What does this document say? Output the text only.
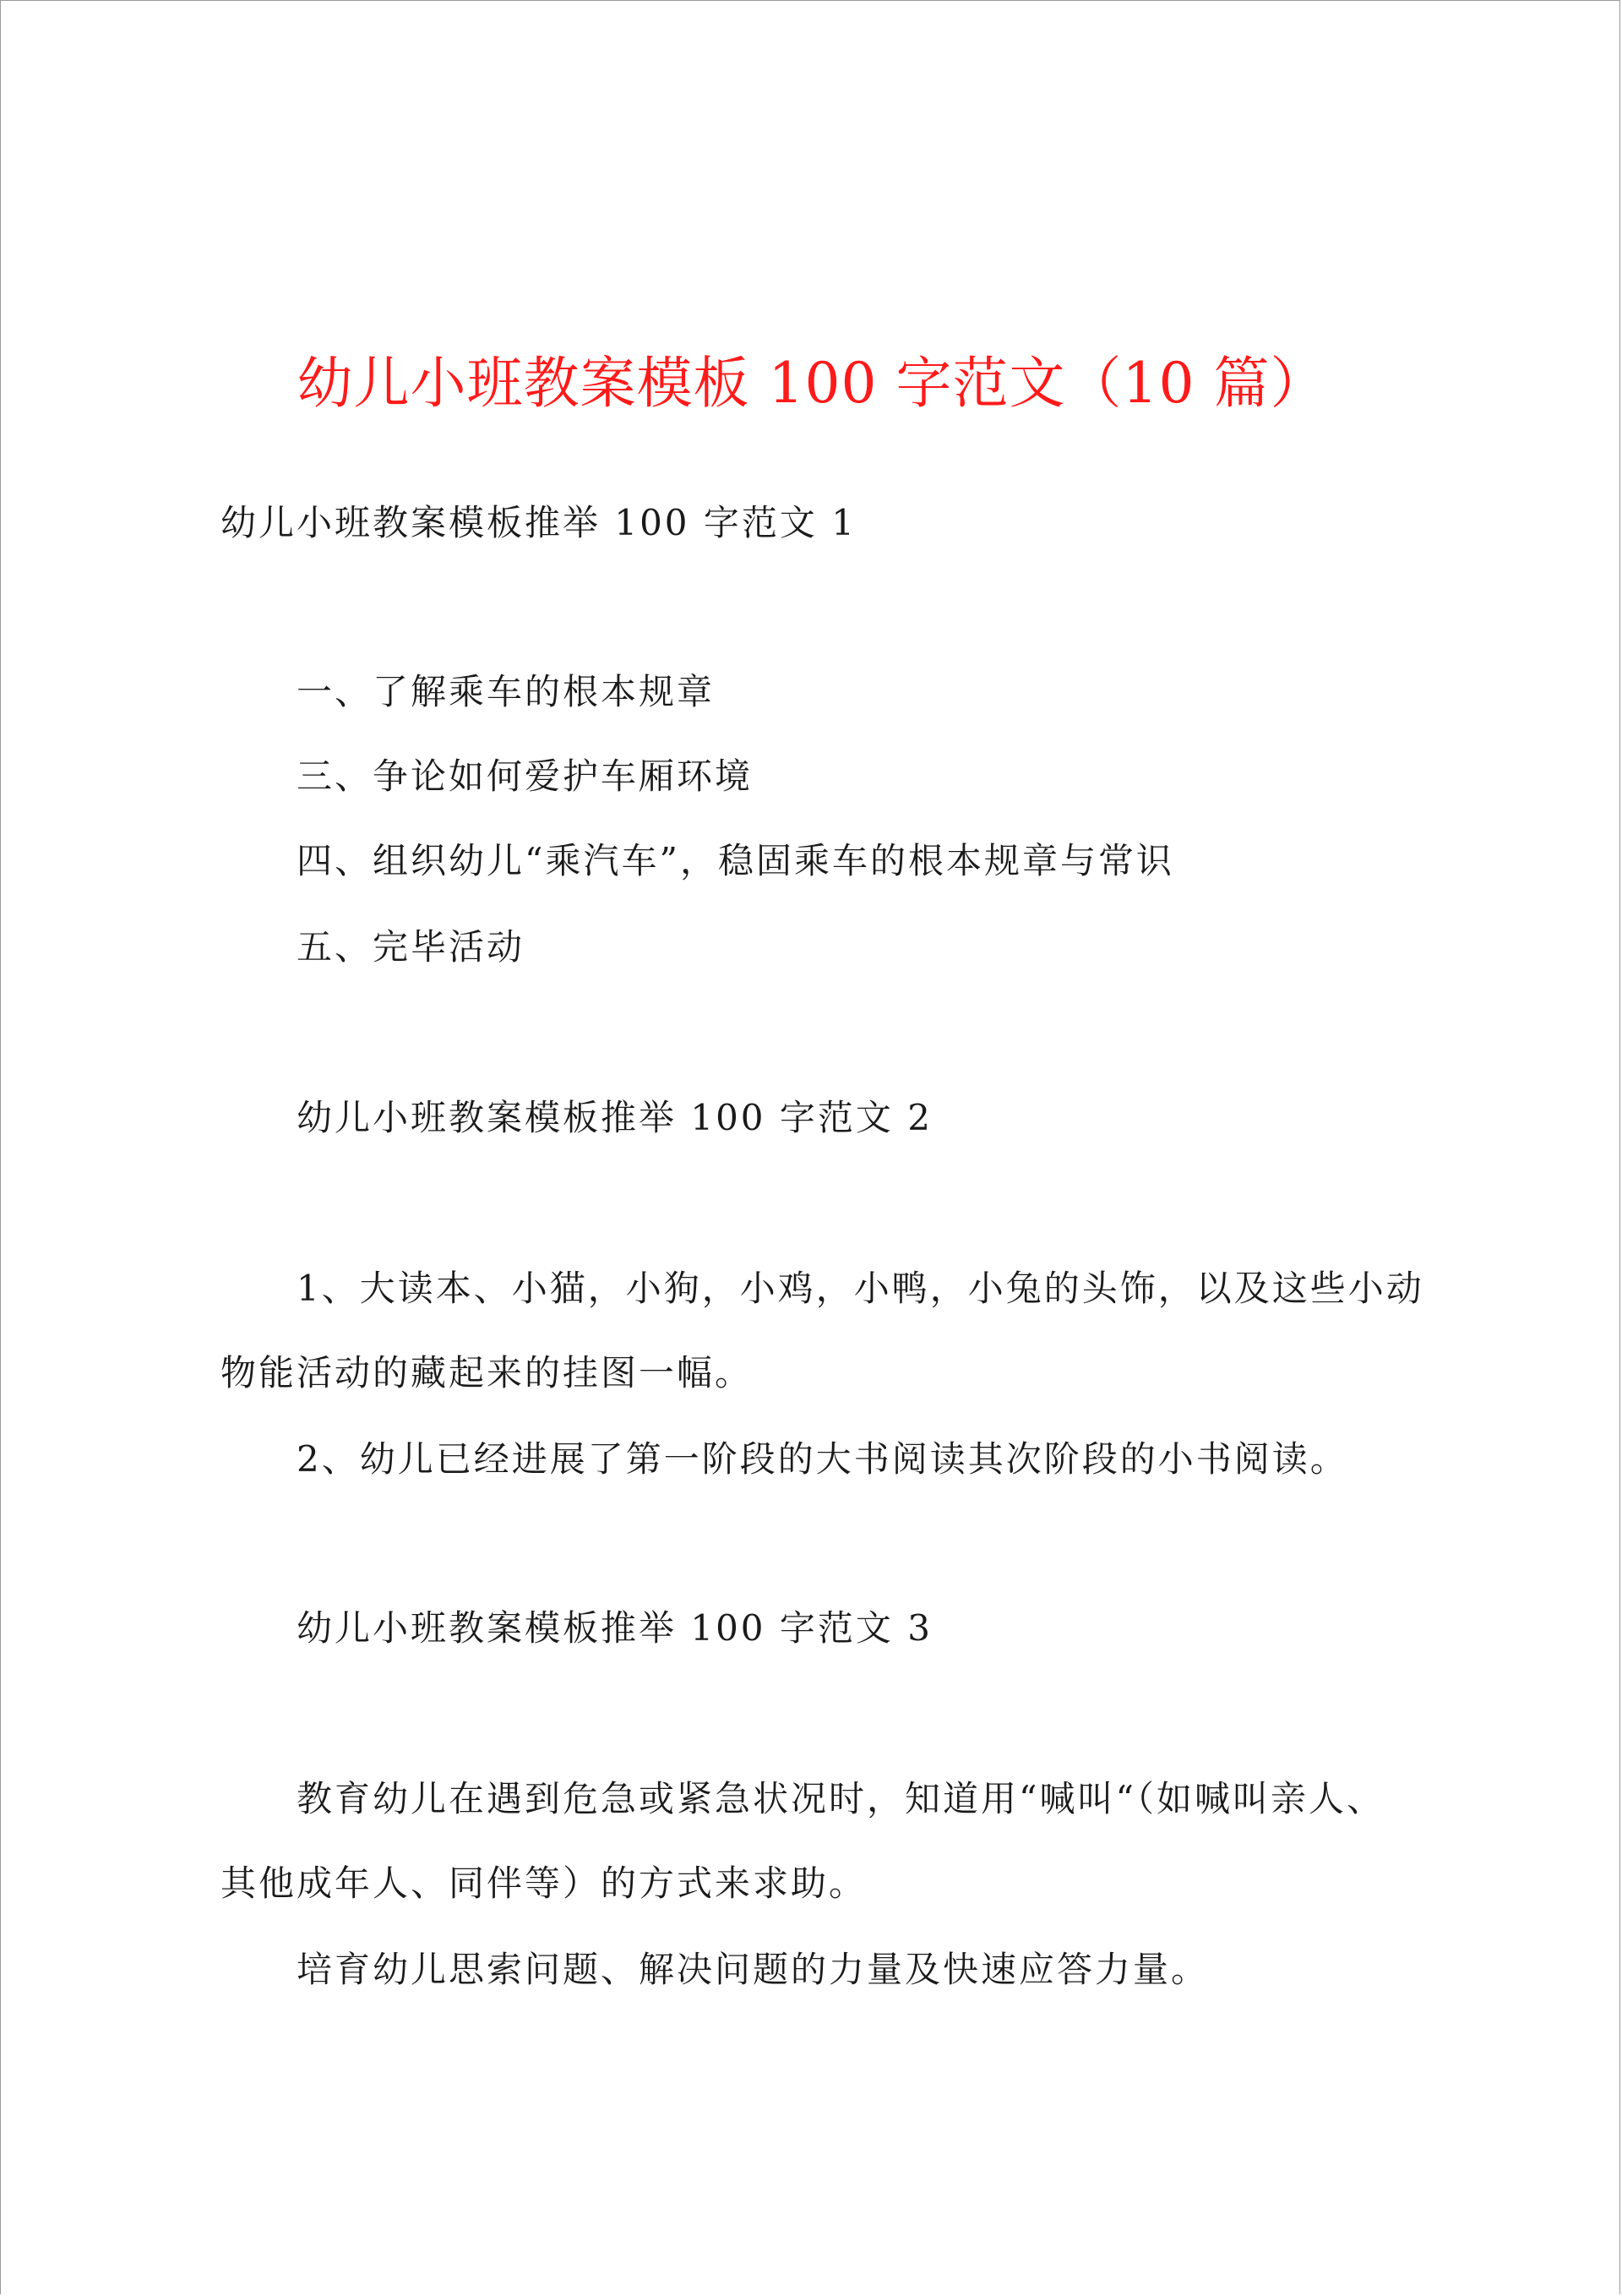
幼儿小班教案模板 100 字范文（10 篇）
幼儿小班教案模板推举 100 字范文 1
一、了解乘车的根本规章
三、争论如何爱护车厢环境
四、组织幼儿“乘汽车”，稳固乘车的根本规章与常识
五、完毕活动
幼儿小班教案模板推举 100 字范文 2
1、大读本、小猫，小狗，小鸡，小鸭，小兔的头饰，以及这些小动
物能活动的藏起来的挂图一幅。
2、幼儿已经进展了第一阶段的大书阅读其次阶段的小书阅读。
幼儿小班教案模板推举 100 字范文 3
教育幼儿在遇到危急或紧急状况时，知道用“喊叫“（如喊叫亲人、
其他成年人、同伴等）的方式来求助。
培育幼儿思索问题、解决问题的力量及快速应答力量。
